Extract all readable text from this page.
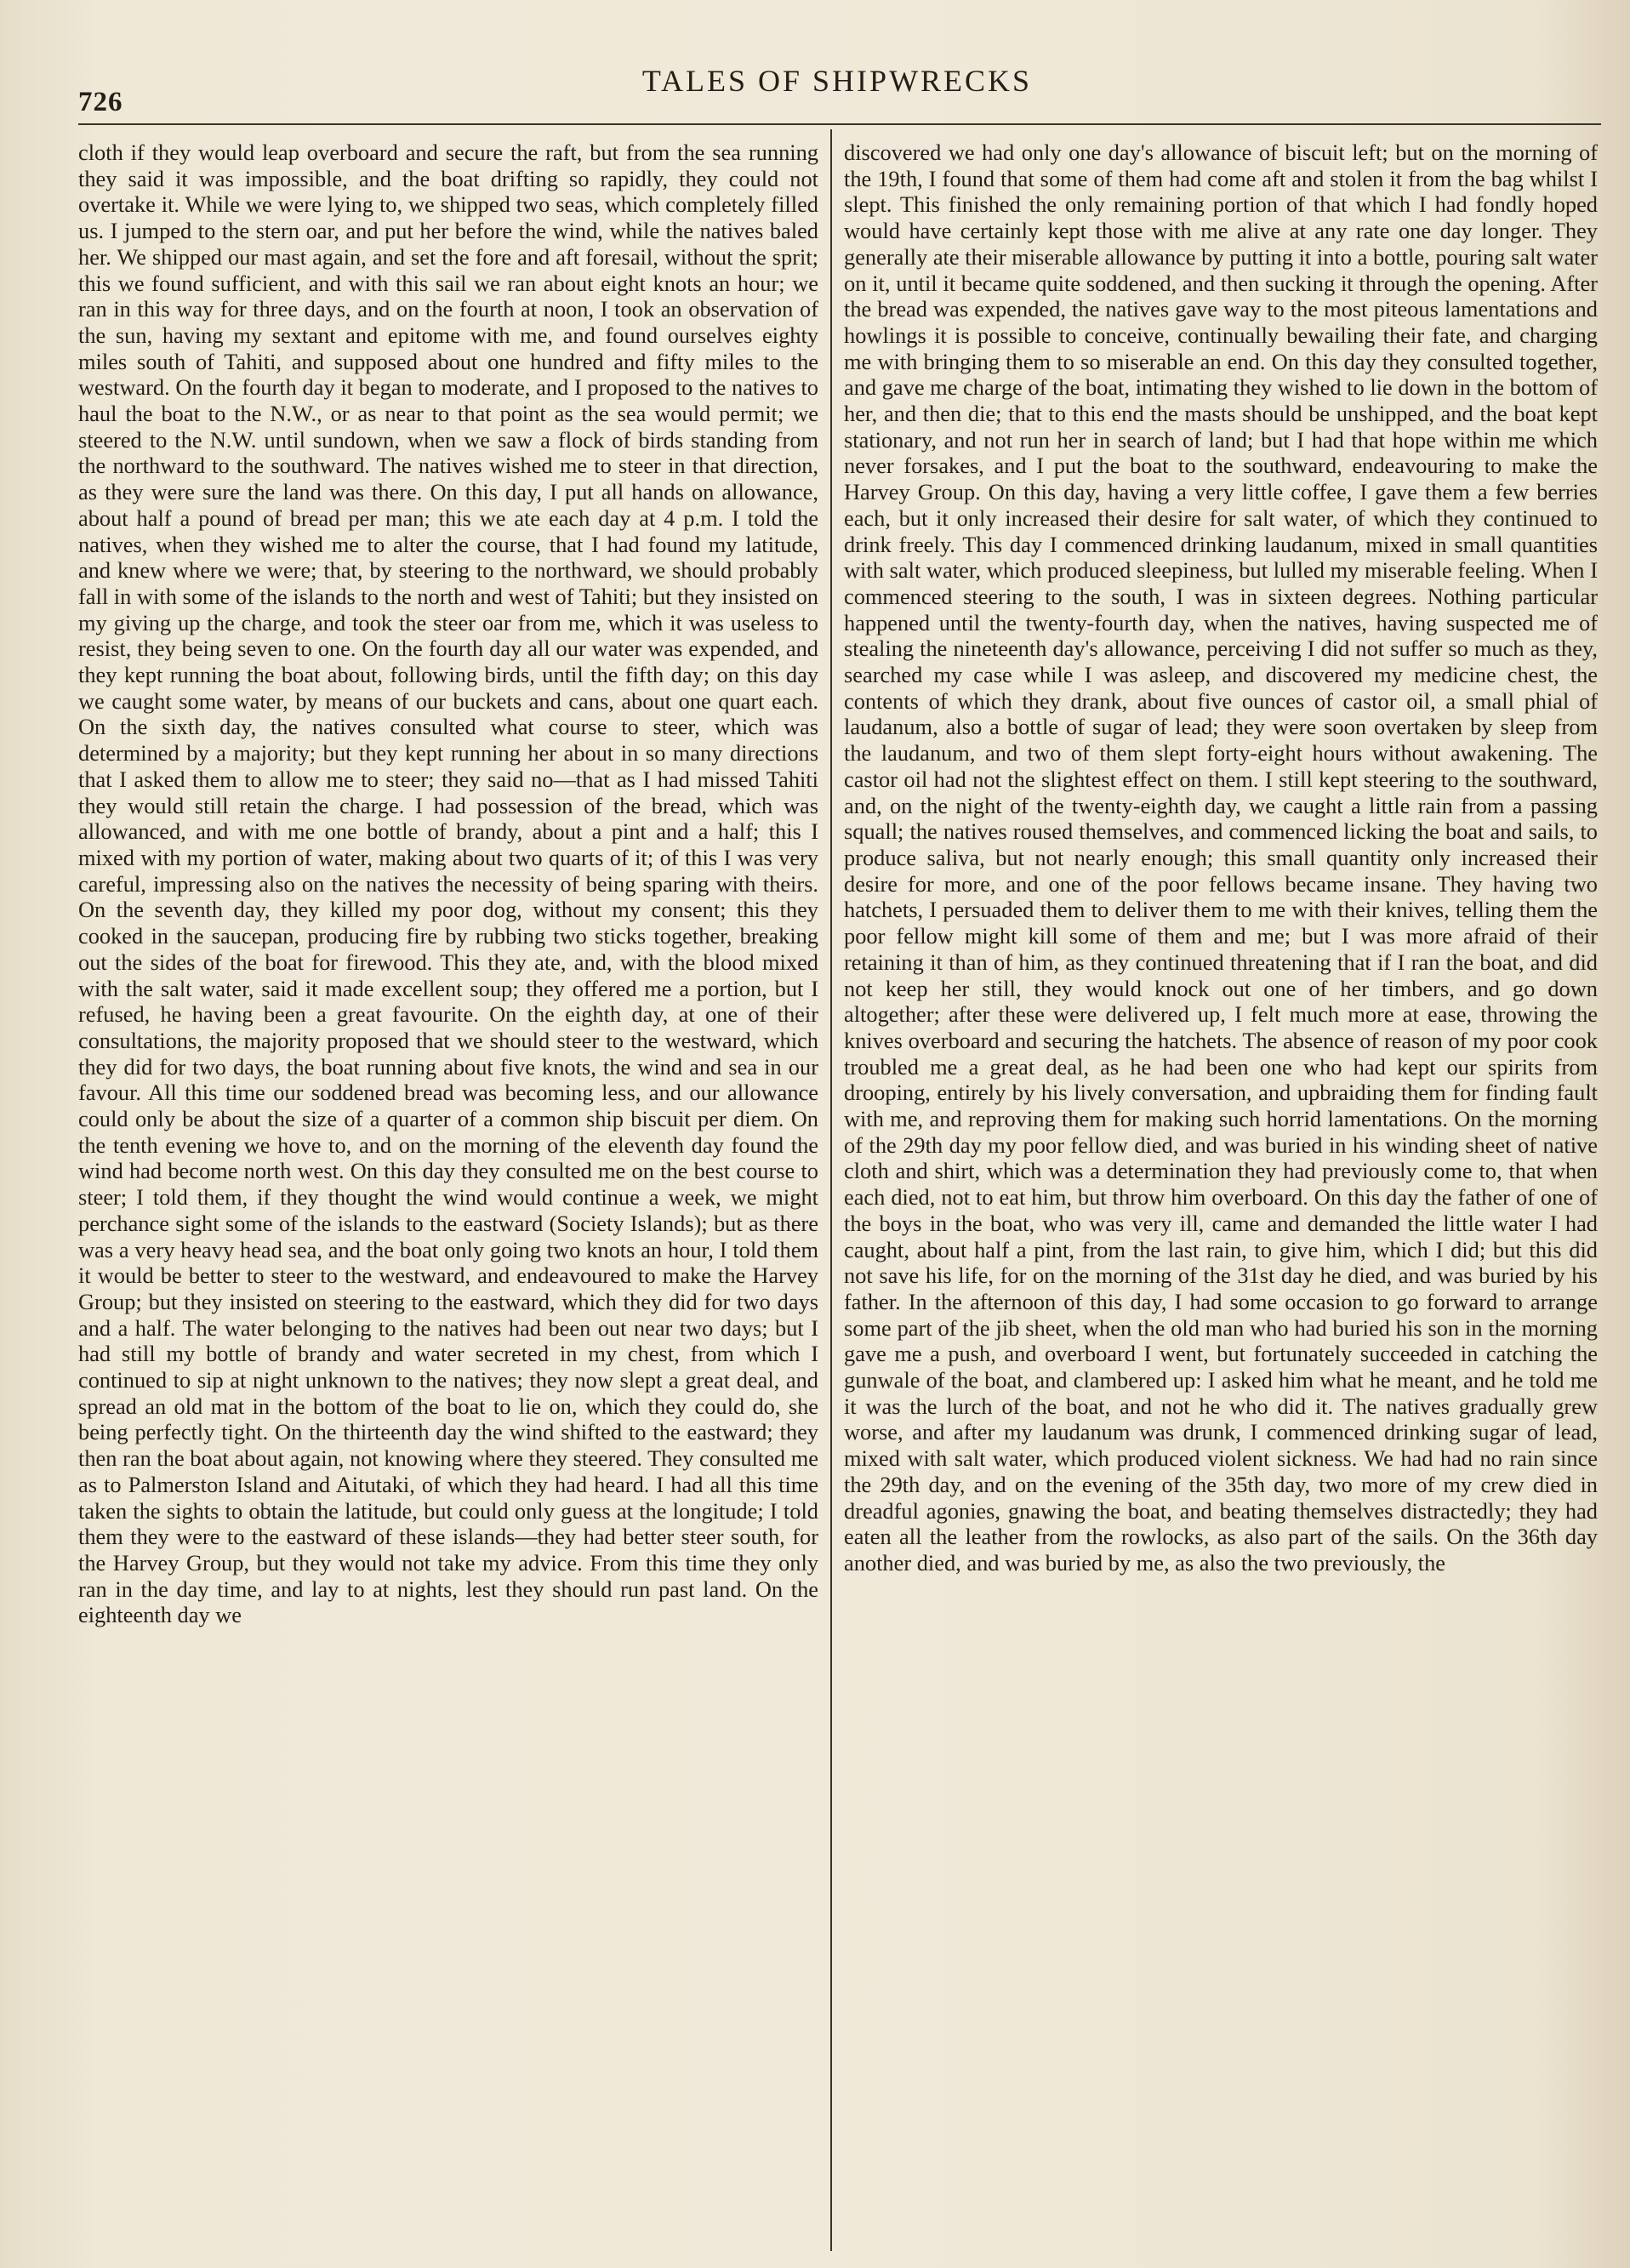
726
TALES OF SHIPWRECKS

cloth if they would leap overboard and secure the raft, but from the sea running they said it was impossible, and the boat drifting so rapidly, they could not overtake it. While we were lying to, we shipped two seas, which completely filled us. I jumped to the stern oar, and put her before the wind, while the natives baled her. We shipped our mast again, and set the fore and aft foresail, without the sprit; this we found sufficient, and with this sail we ran about eight knots an hour; we ran in this way for three days, and on the fourth at noon, I took an observation of the sun, having my sextant and epitome with me, and found ourselves eighty miles south of Tahiti, and supposed about one hundred and fifty miles to the westward. On the fourth day it began to moderate, and I proposed to the natives to haul the boat to the N.W., or as near to that point as the sea would permit; we steered to the N.W. until sundown, when we saw a flock of birds standing from the northward to the southward. The natives wished me to steer in that direction, as they were sure the land was there. On this day, I put all hands on allowance, about half a pound of bread per man; this we ate each day at 4 p.m. I told the natives, when they wished me to alter the course, that I had found my latitude, and knew where we were; that, by steering to the northward, we should probably fall in with some of the islands to the north and west of Tahiti; but they insisted on my giving up the charge, and took the steer oar from me, which it was useless to resist, they being seven to one. On the fourth day all our water was expended, and they kept running the boat about, following birds, until the fifth day; on this day we caught some water, by means of our buckets and cans, about one quart each. On the sixth day, the natives consulted what course to steer, which was determined by a majority; but they kept running her about in so many directions that I asked them to allow me to steer; they said no—that as I had missed Tahiti they would still retain the charge. I had possession of the bread, which was allowanced, and with me one bottle of brandy, about a pint and a half; this I mixed with my portion of water, making about two quarts of it; of this I was very careful, impressing also on the natives the necessity of being sparing with theirs. On the seventh day, they killed my poor dog, without my consent; this they cooked in the saucepan, producing fire by rubbing two sticks together, breaking out the sides of the boat for firewood. This they ate, and, with the blood mixed with the salt water, said it made excellent soup; they offered me a portion, but I refused, he having been a great favourite. On the eighth day, at one of their consultations, the majority proposed that we should steer to the westward, which they did for two days, the boat running about five knots, the wind and sea in our favour. All this time our soddened bread was becoming less, and our allowance could only be about the size of a quarter of a common ship biscuit per diem. On the tenth evening we hove to, and on the morning of the eleventh day found the wind had become north west. On this day they consulted me on the best course to steer; I told them, if they thought the wind would continue a week, we might perchance sight some of the islands to the eastward (Society Islands); but as there was a very heavy head sea, and the boat only going two knots an hour, I told them it would be better to steer to the westward, and endeavoured to make the Harvey Group; but they insisted on steering to the eastward, which they did for two days and a half. The water belonging to the natives had been out near two days; but I had still my bottle of brandy and water secreted in my chest, from which I continued to sip at night unknown to the natives; they now slept a great deal, and spread an old mat in the bottom of the boat to lie on, which they could do, she being perfectly tight. On the thirteenth day the wind shifted to the eastward; they then ran the boat about again, not knowing where they steered. They consulted me as to Palmerston Island and Aitutaki, of which they had heard. I had all this time taken the sights to obtain the latitude, but could only guess at the longitude; I told them they were to the eastward of these islands—they had better steer south, for the Harvey Group, but they would not take my advice. From this time they only ran in the day time, and lay to at nights, lest they should run past land. On the eighteenth day we

discovered we had only one day's allowance of biscuit left; but on the morning of the 19th, I found that some of them had come aft and stolen it from the bag whilst I slept. This finished the only remaining portion of that which I had fondly hoped would have certainly kept those with me alive at any rate one day longer. They generally ate their miserable allowance by putting it into a bottle, pouring salt water on it, until it became quite soddened, and then sucking it through the opening. After the bread was expended, the natives gave way to the most piteous lamentations and howlings it is possible to conceive, continually bewailing their fate, and charging me with bringing them to so miserable an end. On this day they consulted together, and gave me charge of the boat, intimating they wished to lie down in the bottom of her, and then die; that to this end the masts should be unshipped, and the boat kept stationary, and not run her in search of land; but I had that hope within me which never forsakes, and I put the boat to the southward, endeavouring to make the Harvey Group. On this day, having a very little coffee, I gave them a few berries each, but it only increased their desire for salt water, of which they continued to drink freely. This day I commenced drinking laudanum, mixed in small quantities with salt water, which produced sleepiness, but lulled my miserable feeling. When I commenced steering to the south, I was in sixteen degrees. Nothing particular happened until the twenty-fourth day, when the natives, having suspected me of stealing the nineteenth day's allowance, perceiving I did not suffer so much as they, searched my case while I was asleep, and discovered my medicine chest, the contents of which they drank, about five ounces of castor oil, a small phial of laudanum, also a bottle of sugar of lead; they were soon overtaken by sleep from the laudanum, and two of them slept forty-eight hours without awakening. The castor oil had not the slightest effect on them. I still kept steering to the southward, and, on the night of the twenty-eighth day, we caught a little rain from a passing squall; the natives roused themselves, and commenced licking the boat and sails, to produce saliva, but not nearly enough; this small quantity only increased their desire for more, and one of the poor fellows became insane. They having two hatchets, I persuaded them to deliver them to me with their knives, telling them the poor fellow might kill some of them and me; but I was more afraid of their retaining it than of him, as they continued threatening that if I ran the boat, and did not keep her still, they would knock out one of her timbers, and go down altogether; after these were delivered up, I felt much more at ease, throwing the knives overboard and securing the hatchets. The absence of reason of my poor cook troubled me a great deal, as he had been one who had kept our spirits from drooping, entirely by his lively conversation, and upbraiding them for finding fault with me, and reproving them for making such horrid lamentations. On the morning of the 29th day my poor fellow died, and was buried in his winding sheet of native cloth and shirt, which was a determination they had previously come to, that when each died, not to eat him, but throw him overboard. On this day the father of one of the boys in the boat, who was very ill, came and demanded the little water I had caught, about half a pint, from the last rain, to give him, which I did; but this did not save his life, for on the morning of the 31st day he died, and was buried by his father. In the afternoon of this day, I had some occasion to go forward to arrange some part of the jib sheet, when the old man who had buried his son in the morning gave me a push, and overboard I went, but fortunately succeeded in catching the gunwale of the boat, and clambered up: I asked him what he meant, and he told me it was the lurch of the boat, and not he who did it. The natives gradually grew worse, and after my laudanum was drunk, I commenced drinking sugar of lead, mixed with salt water, which produced violent sickness. We had had no rain since the 29th day, and on the evening of the 35th day, two more of my crew died in dreadful agonies, gnawing the boat, and beating themselves distractedly; they had eaten all the leather from the rowlocks, as also part of the sails. On the 36th day another died, and was buried by me, as also the two previously, the
